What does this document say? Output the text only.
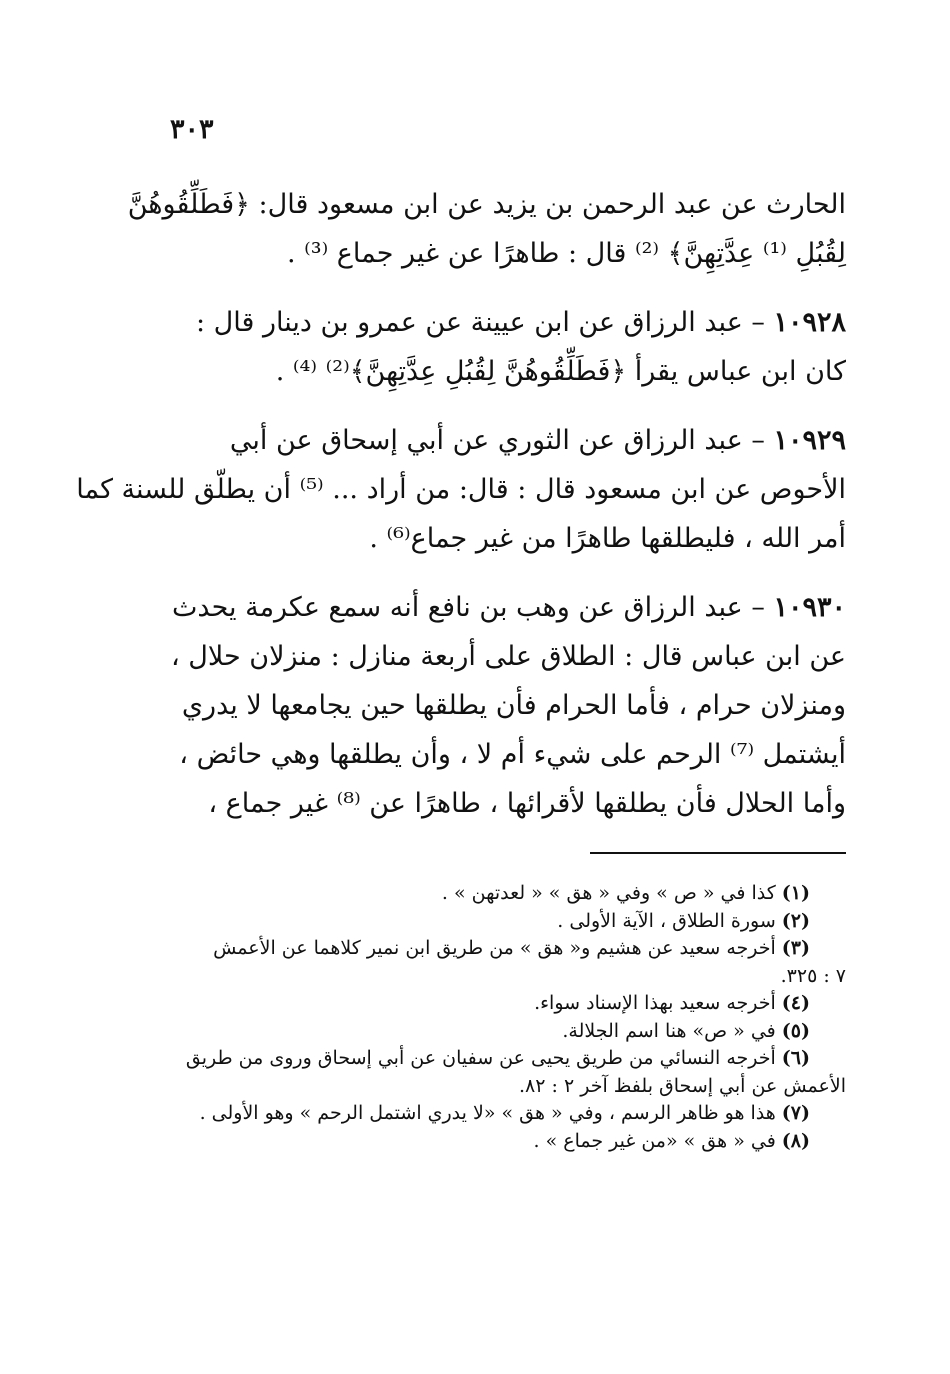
٣٠٣
الحارث عن عبد الرحمن بن يزيد عن ابن مسعود قال: ﴿فَطَلِّقُوهُنَّ
لِقُبُلِ ⁽¹⁾ عِدَّتِهِنَّ﴾ ⁽²⁾ قال : طاهرًا عن غير جماع ⁽³⁾ .
١٠٩٢٨ – عبد الرزاق عن ابن عيينة عن عمرو بن دينار قال :
كان ابن عباس يقرأ ﴿فَطَلِّقُوهُنَّ لِقُبُلِ عِدَّتِهِنَّ﴾⁽²⁾ ⁽⁴⁾ .
١٠٩٢٩ – عبد الرزاق عن الثوري عن أبي إسحاق عن أبي
الأحوص عن ابن مسعود قال : قال: من أراد ... ⁽⁵⁾ أن يطلّق للسنة كما
أمر الله ، فليطلقها طاهرًا من غير جماع⁽⁶⁾ .
١٠٩٣٠ – عبد الرزاق عن وهب بن نافع أنه سمع عكرمة يحدث
عن ابن عباس قال : الطلاق على أربعة منازل : منزلان حلال ،
ومنزلان حرام ، فأما الحرام فأن يطلقها حين يجامعها لا يدري
أيشتمل ⁽⁷⁾ الرحم على شيء أم لا ، وأن يطلقها وهي حائض ،
وأما الحلال فأن يطلقها لأقرائها ، طاهرًا عن ⁽⁸⁾ غير جماع ،
(١)كذا في « ص » وفي « هق » « لعدتهن » .
(٢)سورة الطلاق ، الآية الأولى .
(٣)أخرجه سعيد عن هشيم و« هق » من طريق ابن نمير كلاهما عن الأعمش
٧ : ٣٢٥.
(٤)أخرجه سعيد بهذا الإسناد سواء.
(٥)في « ص» هنا اسم الجلالة.
(٦)أخرجه النسائي من طريق يحيى عن سفيان عن أبي إسحاق وروى من طريق
الأعمش عن أبي إسحاق بلفظ آخر ٢ : ٨٢.
(٧)هذا هو ظاهر الرسم ، وفي « هق » «لا يدري اشتمل الرحم » وهو الأولى .
(٨)في « هق » «من غير جماع » .
